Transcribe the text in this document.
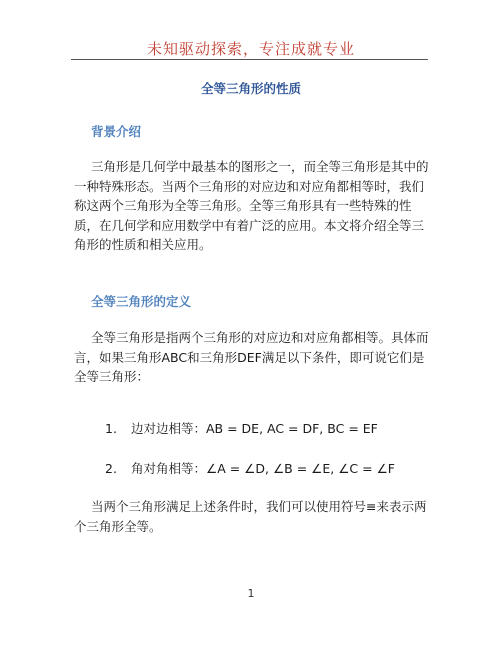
未知驱动探索，专注成就专业
全等三角形的性质
背景介绍

三角形是几何学中最基本的图形之一，而全等三角形是其中的一种特殊形态。当两个三角形的对应边和对应角都相等时，我们称这两个三角形为全等三角形。全等三角形具有一些特殊的性质，在几何学和应用数学中有着广泛的应用。本文将介绍全等三角形的性质和相关应用。

全等三角形的定义

全等三角形是指两个三角形的对应边和对应角都相等。具体而言，如果三角形ABC和三角形DEF满足以下条件，即可说它们是全等三角形：

1. 边对边相等：AB = DE, AC = DF, BC = EF
2. 角对角相等：∠A = ∠D, ∠B = ∠E, ∠C = ∠F

当两个三角形满足上述条件时，我们可以使用符号≡来表示两个三角形全等。

1
